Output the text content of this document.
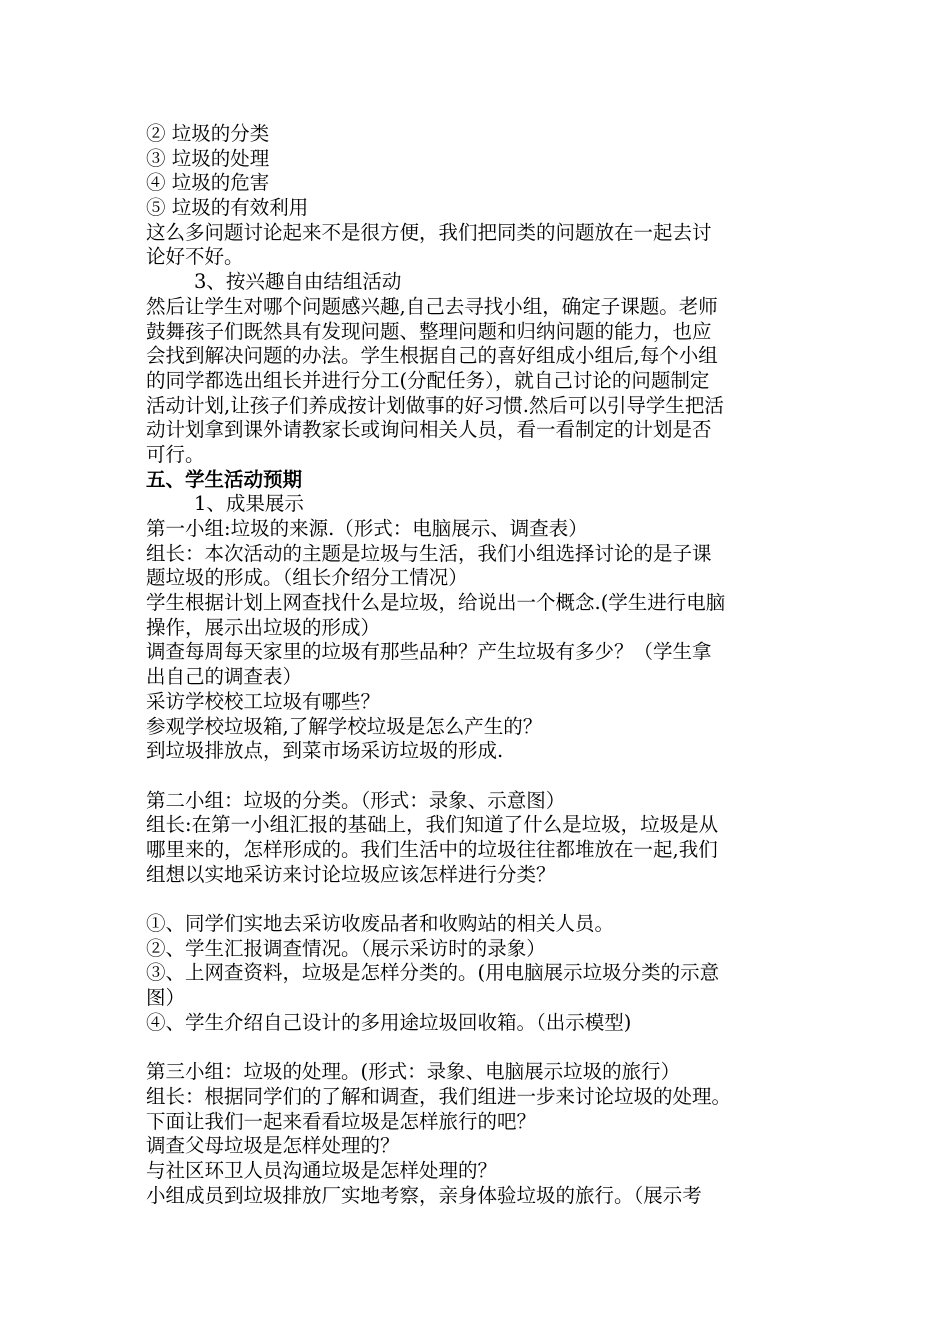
② 垃圾的分类
③ 垃圾的处理
④ 垃圾的危害
⑤ 垃圾的有效利用
这么多问题讨论起来不是很方便，我们把同类的问题放在一起去讨
论好不好。
3、按兴趣自由结组活动
然后让学生对哪个问题感兴趣,自己去寻找小组，确定子课题。老师
鼓舞孩子们既然具有发现问题、整理问题和归纳问题的能力，也应
会找到解决问题的办法。学生根据自己的喜好组成小组后,每个小组
的同学都选出组长并进行分工(分配任务），就自己讨论的问题制定
活动计划,让孩子们养成按计划做事的好习惯.然后可以引导学生把活
动计划拿到课外请教家长或询问相关人员，看一看制定的计划是否
可行。
五、学生活动预期
1、成果展示
第一小组:垃圾的来源.（形式：电脑展示、调查表）
组长：本次活动的主题是垃圾与生活，我们小组选择讨论的是子课
题垃圾的形成。（组长介绍分工情况）
学生根据计划上网查找什么是垃圾，给说出一个概念.(学生进行电脑
操作，展示出垃圾的形成）
调查每周每天家里的垃圾有那些品种？产生垃圾有多少？（学生拿
出自己的调查表）
采访学校校工垃圾有哪些？
参观学校垃圾箱,了解学校垃圾是怎么产生的？
到垃圾排放点，到菜市场采访垃圾的形成.
第二小组：垃圾的分类。（形式：录象、示意图）
组长:在第一小组汇报的基础上，我们知道了什么是垃圾，垃圾是从
哪里来的，怎样形成的。我们生活中的垃圾往往都堆放在一起,我们
组想以实地采访来讨论垃圾应该怎样进行分类？
①、同学们实地去采访收废品者和收购站的相关人员。
②、学生汇报调查情况。（展示采访时的录象）
③、上网查资料，垃圾是怎样分类的。(用电脑展示垃圾分类的示意
图）
④、学生介绍自己设计的多用途垃圾回收箱。（出示模型)
第三小组：垃圾的处理。(形式：录象、电脑展示垃圾的旅行）
组长：根据同学们的了解和调查，我们组进一步来讨论垃圾的处理。
下面让我们一起来看看垃圾是怎样旅行的吧？
调查父母垃圾是怎样处理的？
与社区环卫人员沟通垃圾是怎样处理的？
小组成员到垃圾排放厂实地考察，亲身体验垃圾的旅行。（展示考
